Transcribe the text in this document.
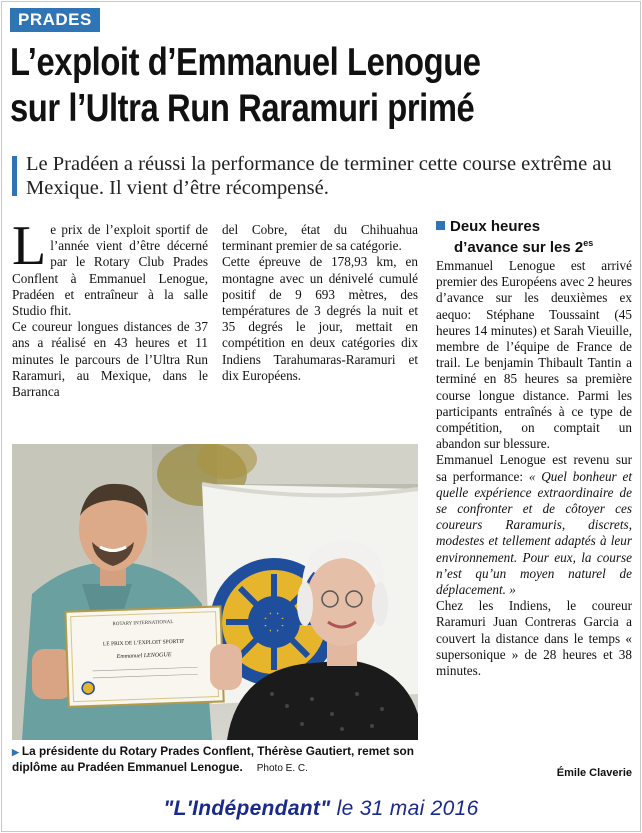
PRADES
L’exploit d’Emmanuel Lenogue
sur l’Ultra Run Raramuri primé
Le Pradéen a réussi la performance de terminer cette course extrême au Mexique. Il vient d’être récompensé.
L e prix de l’exploit sportif de l’année vient d’être décerné par le Rotary Club Prades Conflent à Emmanuel Lenogue, Pradéen et entraîneur à la salle Studio fhit.

Ce coureur longues distances de 37 ans a réalisé en 43 heures et 11 minutes le parcours de l’Ultra Run Raramuri, au Mexique, dans le Barranca

del Cobre, état du Chihuahua terminant premier de sa catégorie.

Cette épreuve de 178,93 km, en montagne avec un dénivelé cumulé positif de 9 693 mètres, des températures de 3 degrés la nuit et 35 degrés le jour, mettait en compétition en deux catégories dix Indiens Tarahumaras-Raramuri et dix Européens.

Deux heures
d’avance sur les $2^{es}$

Emmanuel Lenogue est arrivé premier des Européens avec 2 heures d’avance sur les deuxièmes ex aequo: Stéphane Toussaint (45 heures 14 minutes) et Sarah Vieuille, membre de l’équipe de France de trail. Le benjamin Thibault Tantin a terminé en 85 heures sa première course longue distance. Parmi les participants entraînés à ce type de compétition, on comptait un abandon sur blessure.

Emmanuel Lenogue est revenu sur sa performance: « Quel bonheur et quelle expérience extraordinaire de se confronter et de côtoyer ces coureurs Raramuris, discrets, modestes et tellement adaptés à leur environnement. Pour eux, la course n’est qu’un moyen naturel de déplacement. »

Chez les Indiens, le coureur Raramuri Juan Contreras Garcia a couvert la distance dans le temps « supersonique » de 28 heures et 38 minutes.

Émile Claverie
ROTARY INTERNATIONAL
LE PRIX DE L’EXPLOIT SPORTIF
Emmanuel LENOGUE
▶ La présidente du Rotary Prades Conflent, Thérèse Gautiert, remet son diplôme au Pradéen Emmanuel Lenogue. Photo E. C.
"L'Indépendant" le 31 mai 2016
